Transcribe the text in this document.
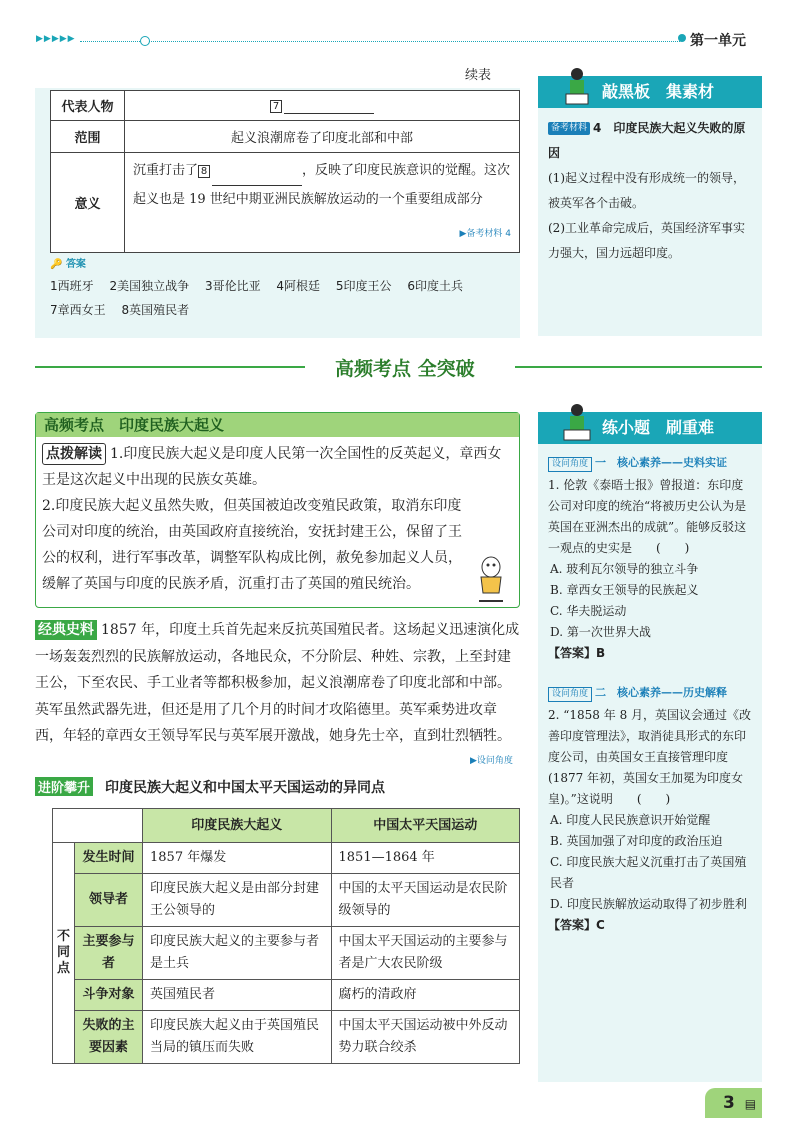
▶▶▶▶▶	第一单元
续表
代表人物	7
范围	起义浪潮席卷了印度北部和中部
意义	沉重打击了 8 ，反映了印度民族意识的觉醒。这次起义也是 19 世纪中期亚洲民族解放运动的一个重要组成部分
▶备考材料 4
🔑 答案
1西班牙 2美国独立战争 3哥伦比亚 4阿根廷 5印度王公 6印度土兵
7章西女王 8英国殖民者
敲黑板　集素材
备考材料 4　印度民族大起义失败的原因
(1)起义过程中没有形成统一的领导，被英军各个击破。
(2)工业革命完成后，英国经济军事实力强大，国力远超印度。
高频考点 全突破
高频考点　印度民族大起义
点拨解读 1.印度民族大起义是印度人民第一次全国性的反英起义，章西女王是这次起义中出现的民族女英雄。
2.印度民族大起义虽然失败，但英国被迫改变殖民政策，取消东印度公司对印度的统治，由英国政府直接统治，安抚封建王公，保留了王公的权利，进行军事改革，调整军队构成比例，赦免参加起义人员，缓解了英国与印度的民族矛盾，沉重打击了英国的殖民统治。
经典史料 1857 年，印度土兵首先起来反抗英国殖民者。这场起义迅速演化成一场轰轰烈烈的民族解放运动，各地民众，不分阶层、种姓、宗教，上至封建王公，下至农民、手工业者等都积极参加，起义浪潮席卷了印度北部和中部。英军虽然武器先进，但还是用了几个月的时间才攻陷德里。英军乘势进攻章西，年轻的章西女王领导军民与英军展开激战，她身先士卒，直到壮烈牺牲。
▶设问角度
进阶攀升 印度民族大起义和中国太平天国运动的异同点
		印度民族大起义	中国太平天国运动
不同点	发生时间	1857 年爆发	1851—1864 年
	领导者	印度民族大起义是由部分封建王公领导的	中国的太平天国运动是农民阶级领导的
	主要参与者	印度民族大起义的主要参与者是土兵	中国太平天国运动的主要参与者是广大农民阶级
	斗争对象	英国殖民者	腐朽的清政府
	失败的主要因素	印度民族大起义由于英国殖民当局的镇压而失败	中国太平天国运动被中外反动势力联合绞杀
练小题　刷重难
设问角度 一　核心素养——史料实证
1. 伦敦《泰晤士报》曾报道：东印度公司对印度的统治“将被历史公认为是英国在亚洲杰出的成就”。能够反驳这一观点的史实是　　(　　)
A. 玻利瓦尔领导的独立斗争
B. 章西女王领导的民族起义
C. 华夫脱运动
D. 第一次世界大战
【答案】B
设问角度 二　核心素养——历史解释
2. “1858 年 8 月，英国议会通过《改善印度管理法》，取消徒具形式的东印度公司，由英国女王直接管理印度(1877 年初，英国女王加冕为印度女皇)。”这说明　　(　　)
A. 印度人民民族意识开始觉醒
B. 英国加强了对印度的政治压迫
C. 印度民族大起义沉重打击了英国殖民者
D. 印度民族解放运动取得了初步胜利
【答案】C
3 ▤
